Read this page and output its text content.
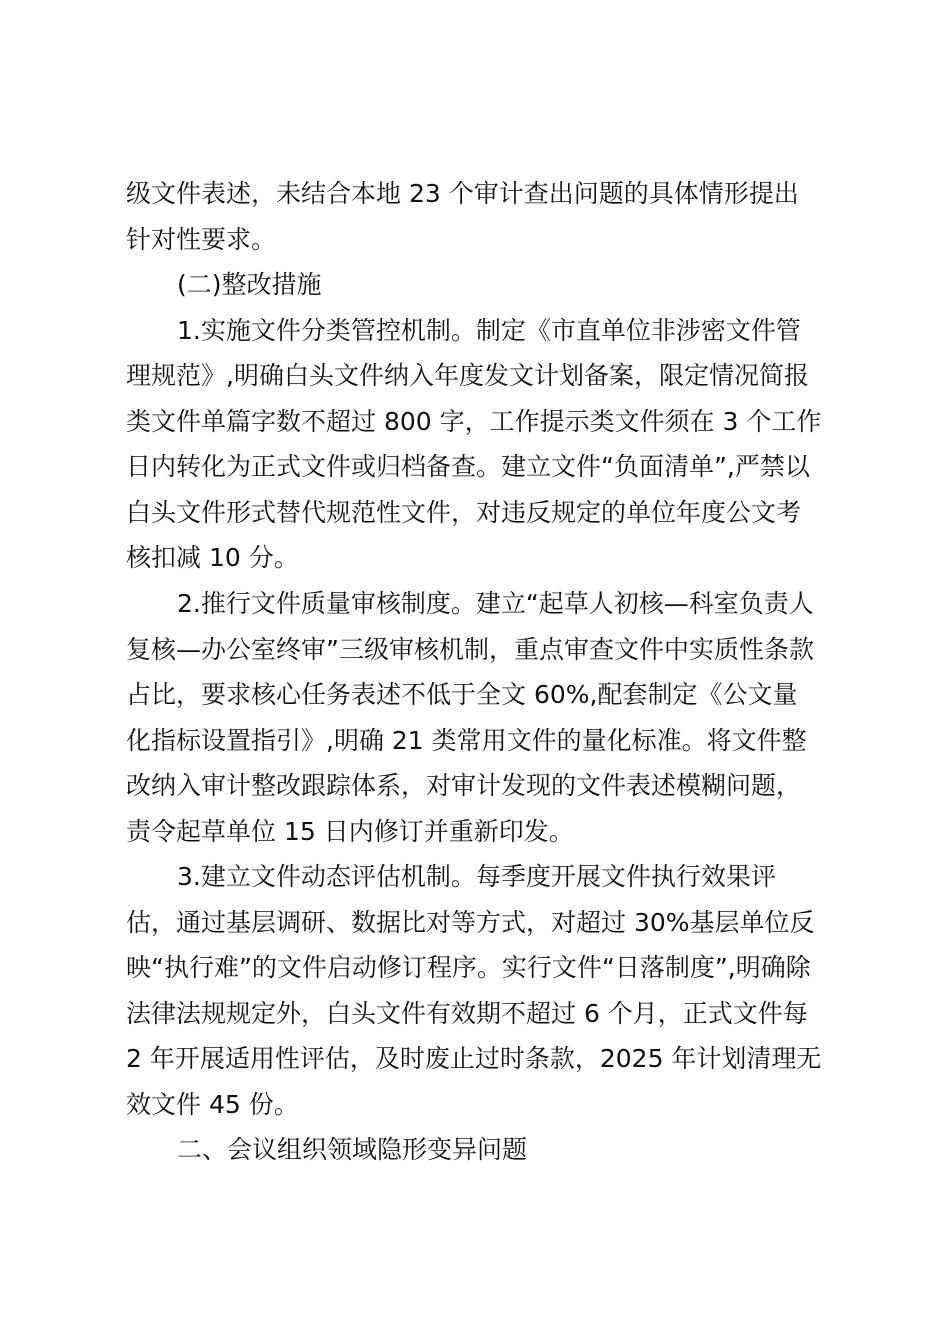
级文件表述，未结合本地 23 个审计查出问题的具体情形提出
针对性要求。
(二)整改措施
1.实施文件分类管控机制。制定《市直单位非涉密文件管
理规范》,明确白头文件纳入年度发文计划备案，限定情况简报
类文件单篇字数不超过 800 字，工作提示类文件须在 3 个工作
日内转化为正式文件或归档备查。建立文件“负面清单”,严禁以
白头文件形式替代规范性文件，对违反规定的单位年度公文考
核扣减 10 分。
2.推行文件质量审核制度。建立“起草人初核—科室负责人
复核—办公室终审”三级审核机制，重点审查文件中实质性条款
占比，要求核心任务表述不低于全文 60%,配套制定《公文量
化指标设置指引》,明确 21 类常用文件的量化标准。将文件整
改纳入审计整改跟踪体系，对审计发现的文件表述模糊问题，
责令起草单位 15 日内修订并重新印发。
3.建立文件动态评估机制。每季度开展文件执行效果评
估，通过基层调研、数据比对等方式，对超过 30%基层单位反
映“执行难”的文件启动修订程序。实行文件“日落制度”,明确除
法律法规规定外，白头文件有效期不超过 6 个月，正式文件每
2 年开展适用性评估，及时废止过时条款，2025 年计划清理无
效文件 45 份。
二、会议组织领域隐形变异问题
